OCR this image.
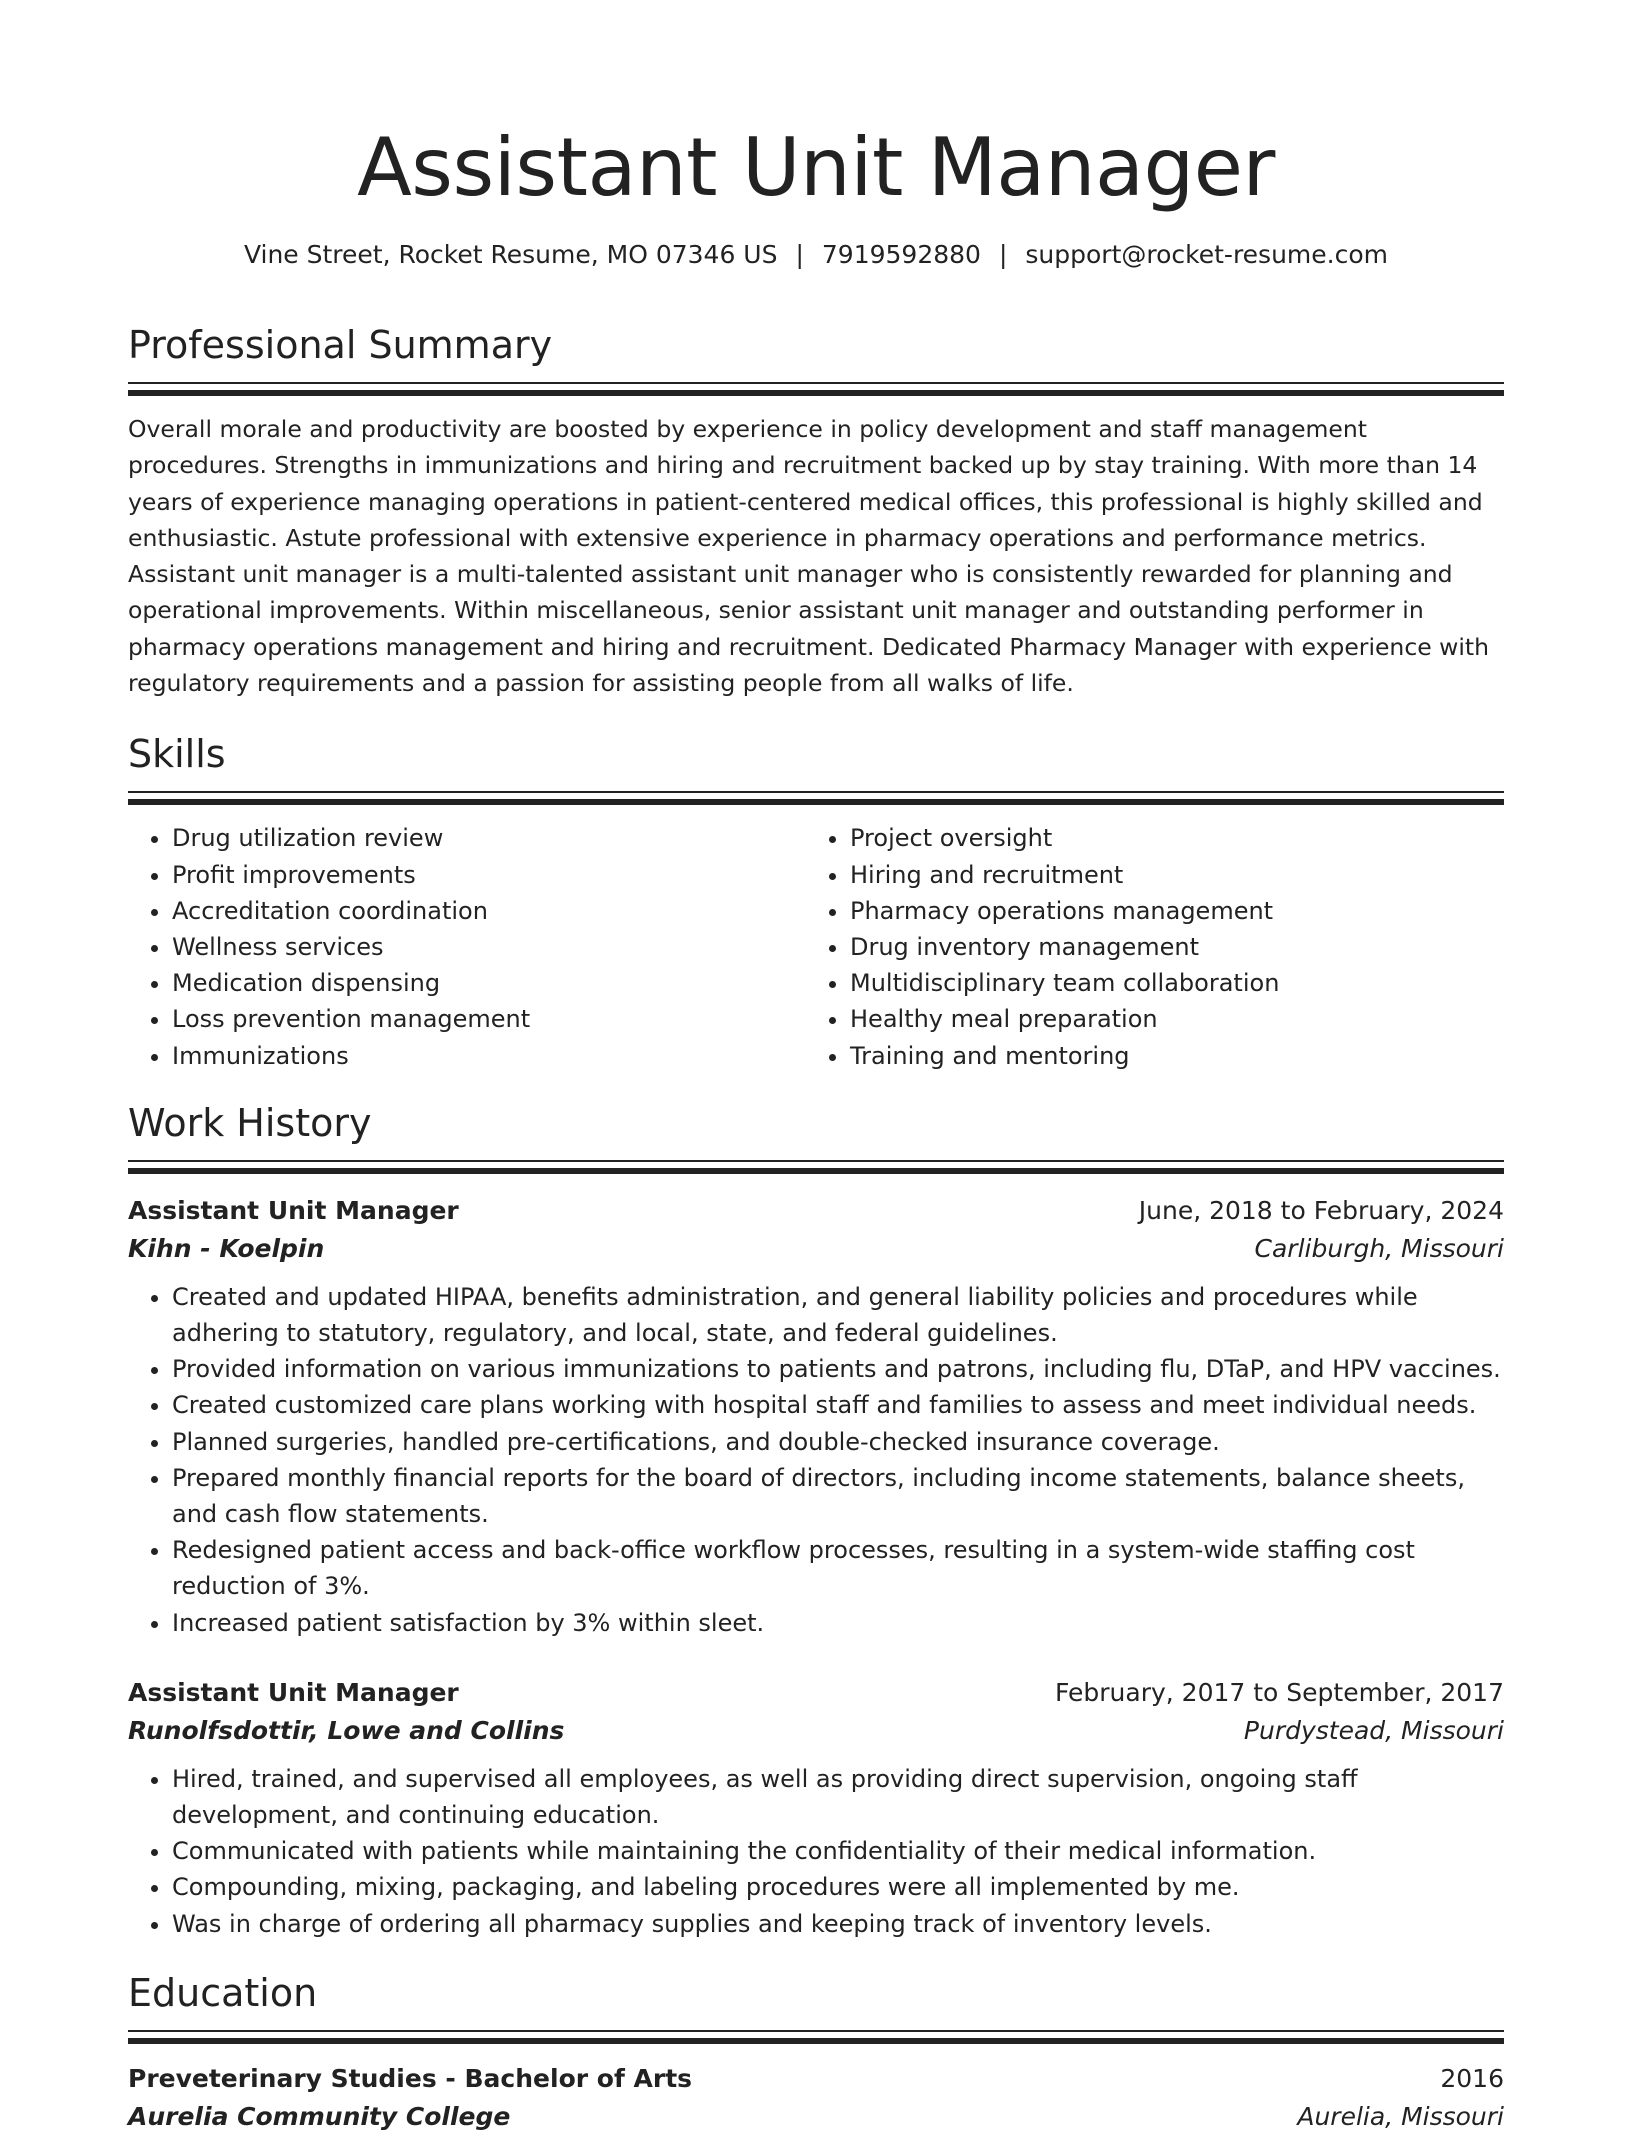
Assistant Unit Manager
Vine Street, Rocket Resume, MO 07346 US | 7919592880 | support@rocket-resume.com
Professional Summary

Overall morale and productivity are boosted by experience in policy development and staff management procedures. Strengths in immunizations and hiring and recruitment backed up by stay training. With more than 14 years of experience managing operations in patient-centered medical offices, this professional is highly skilled and enthusiastic. Astute professional with extensive experience in pharmacy operations and performance metrics. Assistant unit manager is a multi-talented assistant unit manager who is consistently rewarded for planning and operational improvements. Within miscellaneous, senior assistant unit manager and outstanding performer in pharmacy operations management and hiring and recruitment. Dedicated Pharmacy Manager with experience with regulatory requirements and a passion for assisting people from all walks of life.

Skills
• Drug utilization review
• Profit improvements
• Accreditation coordination
• Wellness services
• Medication dispensing
• Loss prevention management
• Immunizations
• Project oversight
• Hiring and recruitment
• Pharmacy operations management
• Drug inventory management
• Multidisciplinary team collaboration
• Healthy meal preparation
• Training and mentoring
Work History
Assistant Unit Manager	June, 2018 to February, 2024
Kihn - Koelpin	Carliburgh, Missouri
• Created and updated HIPAA, benefits administration, and general liability policies and procedures while adhering to statutory, regulatory, and local, state, and federal guidelines.
• Provided information on various immunizations to patients and patrons, including flu, DTaP, and HPV vaccines.
• Created customized care plans working with hospital staff and families to assess and meet individual needs.
• Planned surgeries, handled pre-certifications, and double-checked insurance coverage.
• Prepared monthly financial reports for the board of directors, including income statements, balance sheets, and cash flow statements.
• Redesigned patient access and back-office workflow processes, resulting in a system-wide staffing cost reduction of 3%.
• Increased patient satisfaction by 3% within sleet.
Assistant Unit Manager	February, 2017 to September, 2017
Runolfsdottir, Lowe and Collins	Purdystead, Missouri
• Hired, trained, and supervised all employees, as well as providing direct supervision, ongoing staff development, and continuing education.
• Communicated with patients while maintaining the confidentiality of their medical information.
• Compounding, mixing, packaging, and labeling procedures were all implemented by me.
• Was in charge of ordering all pharmacy supplies and keeping track of inventory levels.
Education
Preveterinary Studies - Bachelor of Arts	2016
Aurelia Community College	Aurelia, Missouri
